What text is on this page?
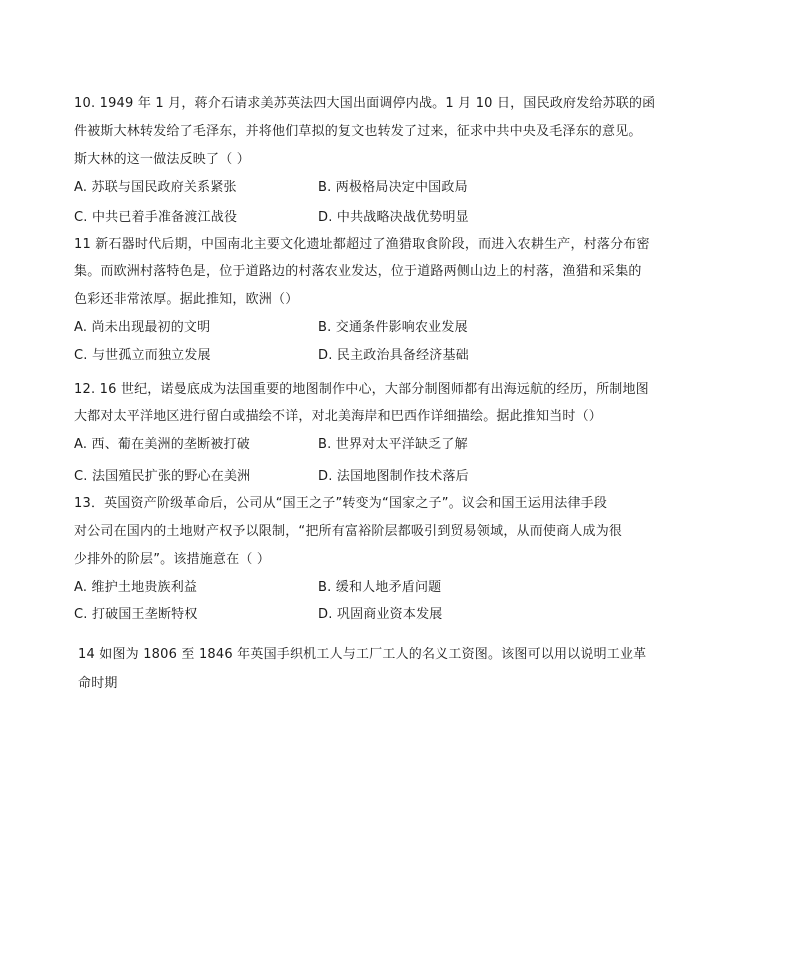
10. 1949 年 1 月，蒋介石请求美苏英法四大国出面调停内战。1 月 10 日，国民政府发给苏联的函
件被斯大林转发给了毛泽东，并将他们草拟的复文也转发了过来，征求中共中央及毛泽东的意见。
斯大林的这一做法反映了（ ）
A. 苏联与国民政府关系紧张	B. 两极格局决定中国政局
C. 中共已着手准备渡江战役	D. 中共战略决战优势明显
11 新石器时代后期，中国南北主要文化遗址都超过了渔猎取食阶段，而进入农耕生产，村落分布密
集。而欧洲村落特色是，位于道路边的村落农业发达，位于道路两侧山边上的村落，渔猎和采集的
色彩还非常浓厚。据此推知，欧洲（）
A. 尚未出现最初的文明	B. 交通条件影响农业发展
C. 与世孤立而独立发展	D. 民主政治具备经济基础
12. 16 世纪，诺曼底成为法国重要的地图制作中心，大部分制图师都有出海远航的经历，所制地图
大都对太平洋地区进行留白或描绘不详，对北美海岸和巴西作详细描绘。据此推知当时（）
A. 西、葡在美洲的垄断被打破	B. 世界对太平洋缺乏了解
C. 法国殖民扩张的野心在美洲	D. 法国地图制作技术落后
13．英国资产阶级革命后，公司从“国王之子”转变为“国家之子”。议会和国王运用法律手段
对公司在国内的土地财产权予以限制，“把所有富裕阶层都吸引到贸易领域，从而使商人成为很
少排外的阶层”。该措施意在（ ）
A. 维护土地贵族利益	B. 缓和人地矛盾问题
C. 打破国王垄断特权	D. 巩固商业资本发展
14 如图为 1806 至 1846 年英国手织机工人与工厂工人的名义工资图。该图可以用以说明工业革
命时期
